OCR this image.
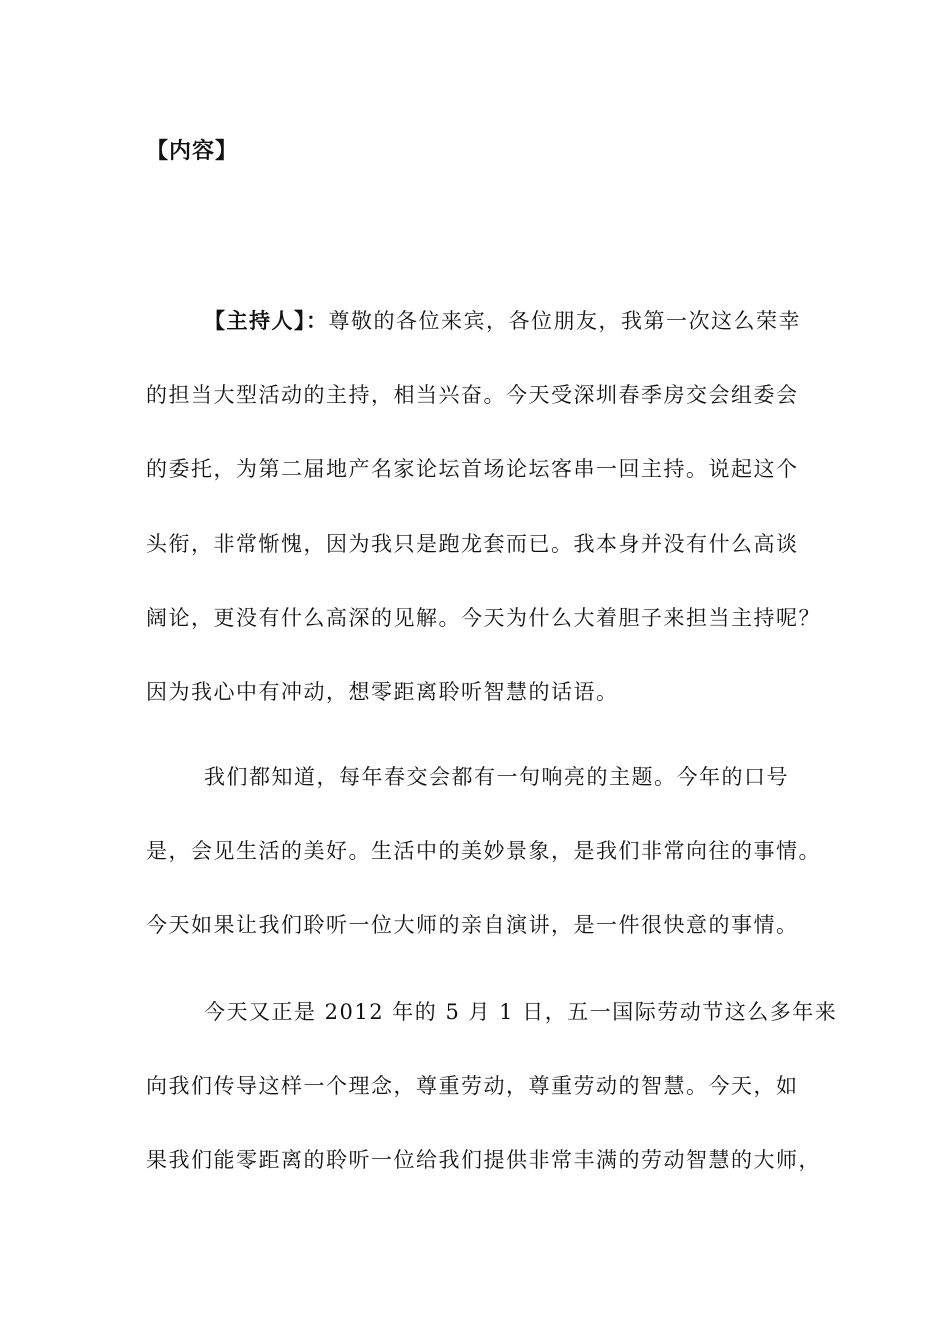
【内容】
【主持人】：尊敬的各位来宾，各位朋友，我第一次这么荣幸
的担当大型活动的主持，相当兴奋。今天受深圳春季房交会组委会
的委托，为第二届地产名家论坛首场论坛客串一回主持。说起这个
头衔，非常惭愧，因为我只是跑龙套而已。我本身并没有什么高谈
阔论，更没有什么高深的见解。今天为什么大着胆子来担当主持呢？
因为我心中有冲动，想零距离聆听智慧的话语。
我们都知道，每年春交会都有一句响亮的主题。今年的口号
是，会见生活的美好。生活中的美妙景象，是我们非常向往的事情。
今天如果让我们聆听一位大师的亲自演讲，是一件很快意的事情。
今天又正是 2012 年的 5 月 1 日，五一国际劳动节这么多年来
向我们传导这样一个理念，尊重劳动，尊重劳动的智慧。今天，如
果我们能零距离的聆听一位给我们提供非常丰满的劳动智慧的大师，
